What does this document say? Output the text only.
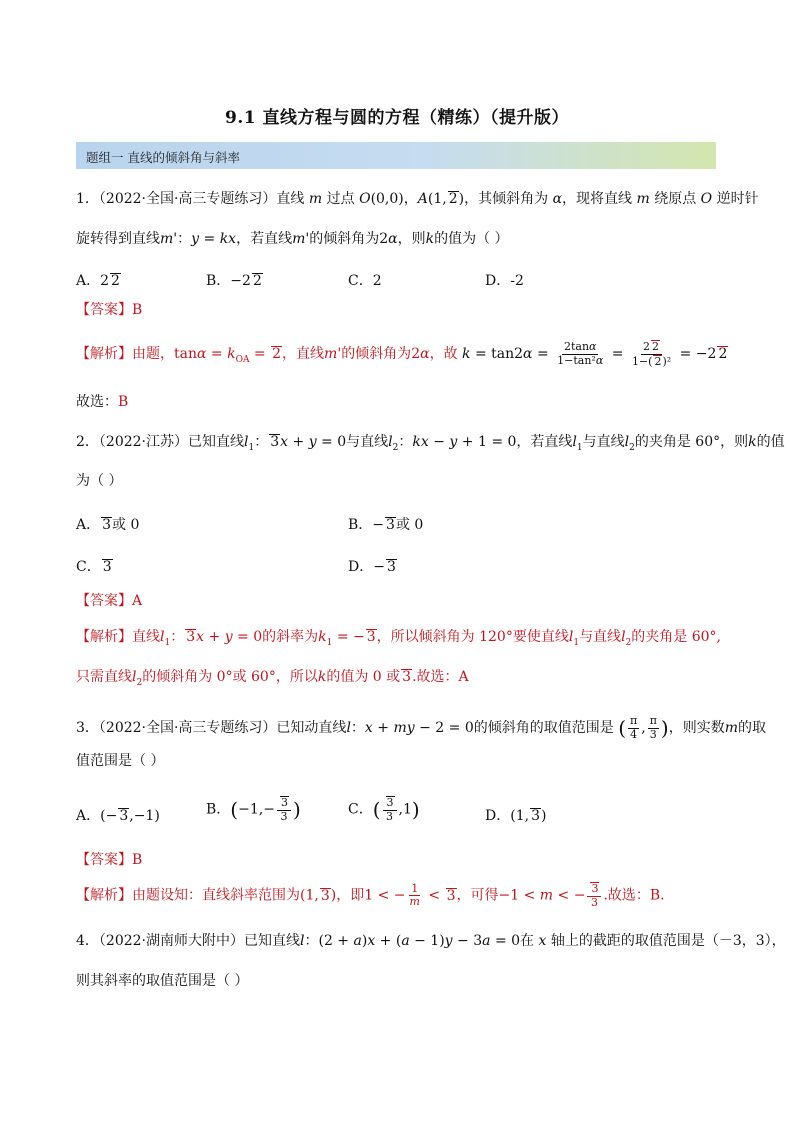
9.1 直线方程与圆的方程（精练）（提升版）
题组一 直线的倾斜角与斜率
1．（2022·全国·高三专题练习）直线 m 过点 O(0,0)，A(1, 2)，其倾斜角为 α，现将直线 m 绕原点 O 逆时针
旋转得到直线m'：y = kx，若直线m'的倾斜角为2α，则k的值为（ ）
A．2 2	B．−2 2	C．2	D．-2
【答案】B
【解析】由题，$\tan\alpha = k_{OA} = 2$，直线m'的倾斜角为2α，故 $k = \tan 2\alpha = \frac{2\tan\alpha}{\text{1−tan²α}} = \frac{2 2}{\text{1−( 2)²}} = -2$ 2
故选：B
2．（2022·江苏）已知直线$l_1$： 3x + y = 0与直线$l_2$：kx − y + 1 = 0，若直线$l_1$与直线$l_2$的夹角是 60°，则k的值
为（ ）
A． 3或 0	B．− 3或 0
C． 3	D．− 3
【答案】A
【解析】直线$l_1$： 3x + y = 0的斜率为$k_1$ = − 3，所以倾斜角为 120°要使直线$l_1$与直线$l_2$的夹角是 60°,
只需直线$l_2$的倾斜角为 0°或 60°，所以k的值为 0 或 3.故选：A
3．（2022·全国·高三专题练习）已知动直线l：x + my − 2 = 0的倾斜角的取值范围是 ( $\frac{\pi}{4}$ , $\frac{\pi}{3}$ )，则实数m的取
值范围是（ ）
A．(− 3,−1)	B．($-1,- \frac{3}{3}$ )	C．( $\frac{3}{3} ,1$)	D．(1, 3)
【答案】B
【解析】由题设知：直线斜率范围为(1, 3)，即1 < − $\frac{1}{m} < 3$，可得−1 < m < − $\frac{3}{3}$ .故选：B.
4．（2022·湖南师大附中）已知直线l：(2 + a)x + (a − 1)y − 3a = 0在 x 轴上的截距的取值范围是（－3，3），
则其斜率的取值范围是（ ）
